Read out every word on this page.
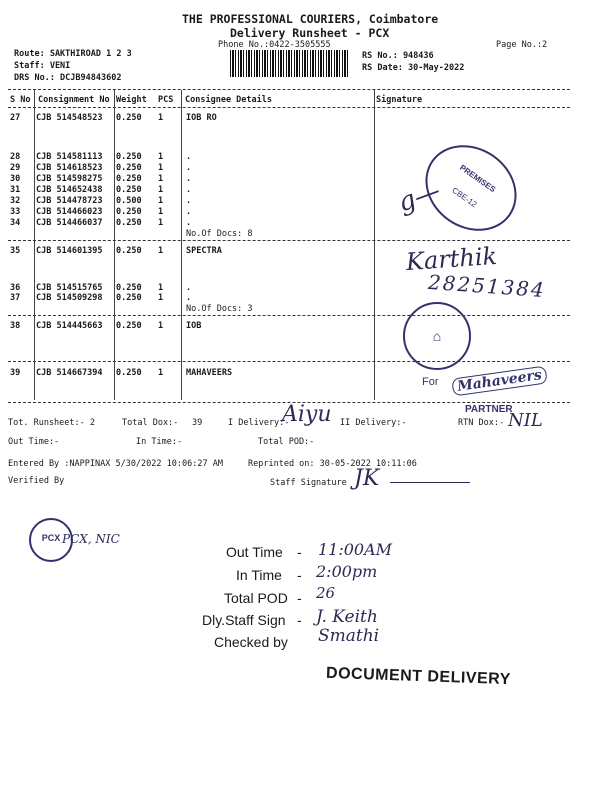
THE PROFESSIONAL COURIERS, Coimbatore
Delivery Runsheet - PCX
Phone No.:0422-3505555	Page No.:2
Route: SAKTHIROAD 1 2 3
Staff: VENI
DRS No.: DCJB94843602
RS No.: 948436
RS Date: 30-May-2022
S No Consignment No Weight PCS Consignee Details	Signature
27 CJB 514548523 0.250 1	IOB RO
28 CJB 514581113 0.250 1	.
29 CJB 514618523 0.250 1	.
30 CJB 514598275 0.250 1	.
31 CJB 514652438 0.250 1	.
32 CJB 514478723 0.500 1	.
33 CJB 514466023 0.250 1	.
34 CJB 514466037 0.250 1	.
No.Of Docs: 8
35 CJB 514601395 0.250 1	SPECTRA
36 CJB 514515765 0.250 1	.
37 CJB 514509298 0.250 1	.
No.Of Docs: 3
38 CJB 514445663 0.250 1	IOB
39 CJB 514667394 0.250 1	MAHAVEERS
PREMISES
CBE-12
g—
Karthik
28251384
⌂
For Mahaveers
PARTNER
Tot. Runsheet:- 2	Total Dox:- 39	I Delivery:-
Aiyu II Delivery:-	RTN Dox:- NIL
Out Time:-	In Time:-	Total POD:-
Entered By :NAPPINAX 5/30/2022 10:06:27 AM	Reprinted on: 30-05-2022 10:11:06
Verified By	Staff Signature JK
PCX PCX, NIC
Out Time - 11:00AM
In Time - 2:00pm
Total POD - 26
Dly.Staff Sign - J. Keith
Checked by Smathi
DOCUMENT DELIVERY
